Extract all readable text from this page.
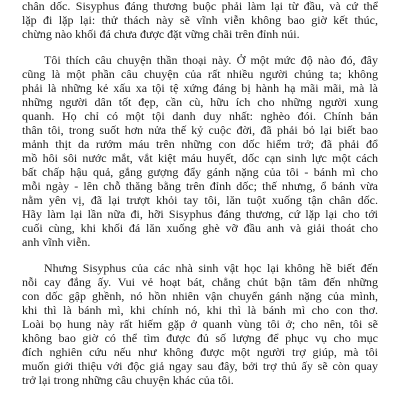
chân dốc. Sisyphus đáng thương buộc phải làm lại từ đầu, và cứ thể
lặp đi lặp lại: thử thách này sẽ vĩnh viễn không bao giờ kết thúc,
chừng nào khối đá chưa được đặt vững chãi trên đỉnh núi.
Tôi thích câu chuyện thần thoại này. Ở một mức độ nào đó, đây
cũng là một phần câu chuyện của rất nhiều người chúng ta; không
phải là những kẻ xấu xa tội tệ xứng đáng bị hành hạ mãi mãi, mà là
những người dân tốt đẹp, cần cù, hữu ích cho những người xung
quanh. Họ chỉ có một tội danh duy nhất: nghèo đói. Chính bản
thân tôi, trong suốt hơn nửa thế kỷ cuộc đời, đã phải bỏ lại biết bao
mảnh thịt da rướm máu trên những con dốc hiểm trở; đã phải đổ
mồ hôi sôi nước mắt, vắt kiệt máu huyết, dốc cạn sinh lực một cách
bất chấp hậu quả, gắng gượng đẩy gánh nặng của tôi - bánh mì cho
mỗi ngày - lên chỗ thăng bằng trên đỉnh dốc; thế nhưng, ổ bánh vừa
nằm yên vị, đã lại trượt khỏi tay tôi, lăn tuột xuống tận chân dốc.
Hãy làm lại lần nữa đi, hỡi Sisyphus đáng thương, cứ lặp lại cho tới
cuối cùng, khi khối đá lăn xuống ghè vỡ đầu anh và giải thoát cho
anh vĩnh viễn.
Nhưng Sisyphus của các nhà sinh vật học lại không hề biết đến
nỗi cay đắng ấy. Vui vẻ hoạt bát, chẳng chút bận tâm đến những
con dốc gập ghềnh, nó hồn nhiên vận chuyển gánh nặng của mình,
khi thì là bánh mì, khi chính nó, khi thì là bánh mì cho con thơ.
Loài bọ hung này rất hiếm gặp ở quanh vùng tôi ở; cho nên, tôi sẽ
không bao giờ có thể tìm được đủ số lượng để phục vụ cho mục
đích nghiên cứu nếu như không được một người trợ giúp, mà tôi
muốn giới thiệu với độc giả ngay sau đây, bởi trợ thủ ấy sẽ còn quay
trở lại trong những câu chuyện khác của tôi.
